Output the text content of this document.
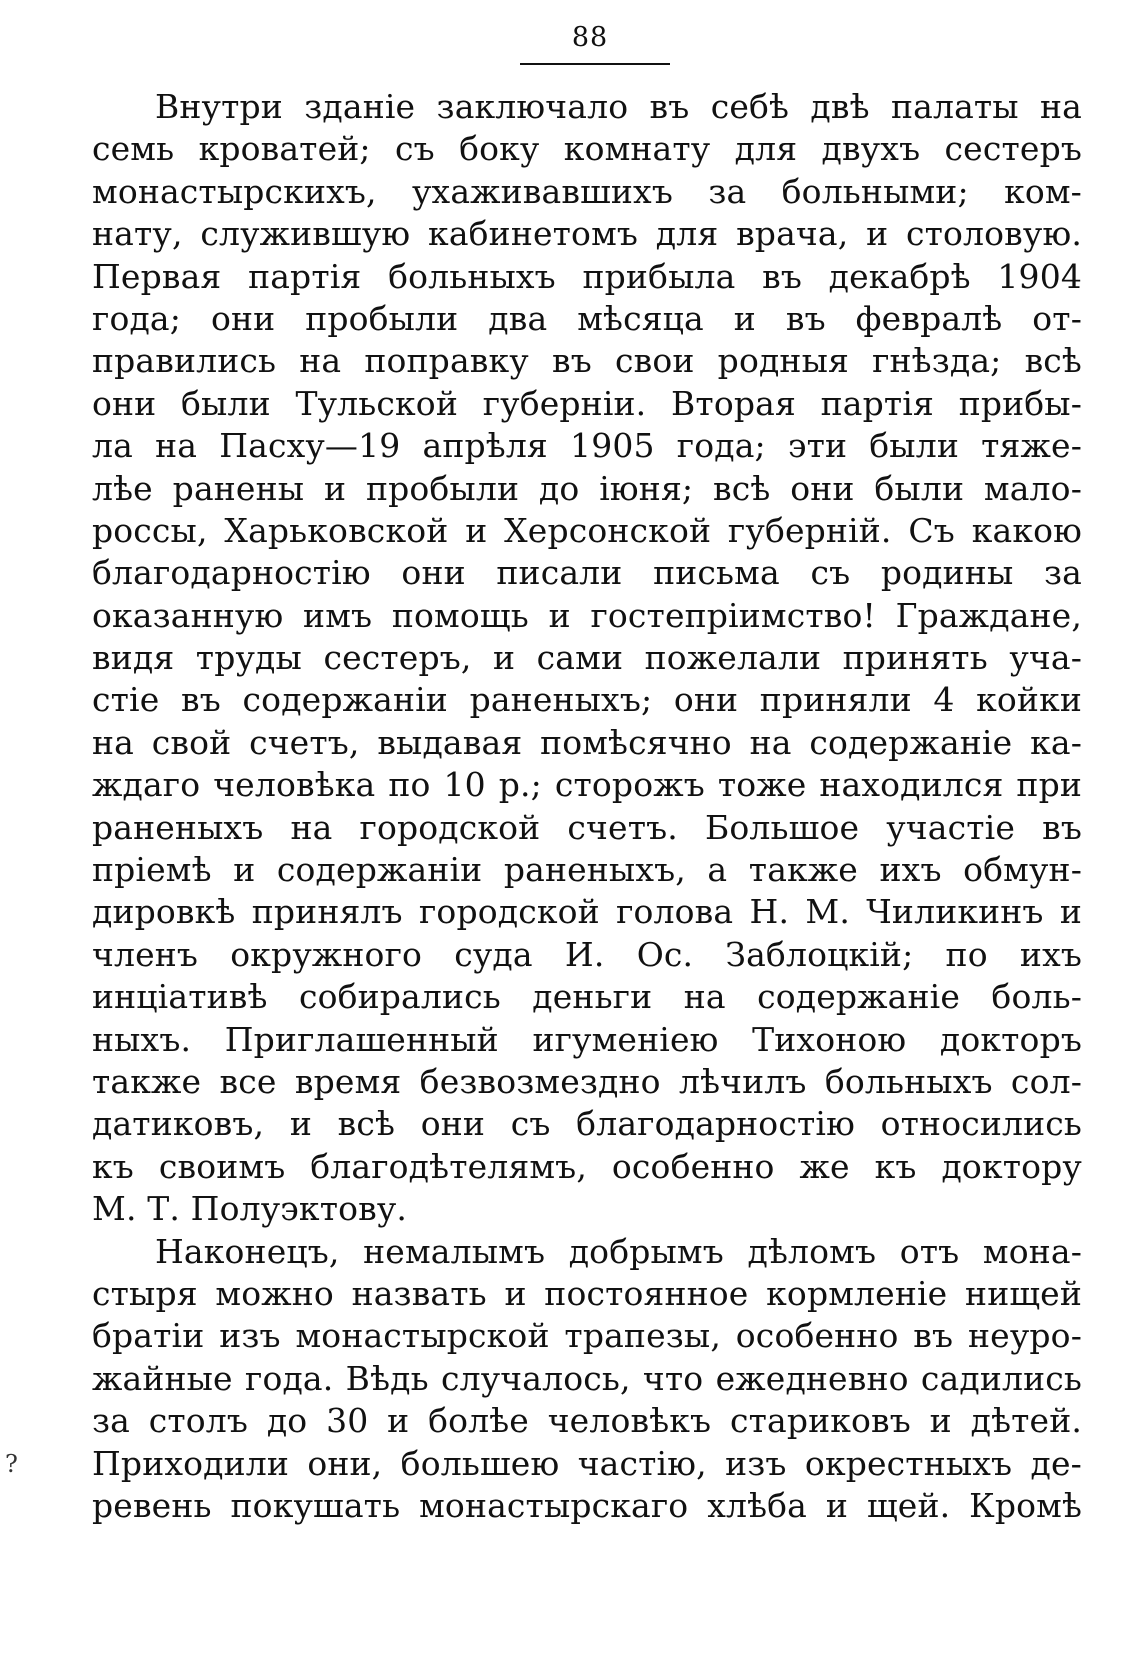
88
?
Внутри зданіе заключало въ себѣ двѣ палаты на
семь кроватей; съ боку комнату для двухъ сестеръ
монастырскихъ, ухаживавшихъ за больными; ком-
нату, служившую кабинетомъ для врача, и столовую.
Первая партія больныхъ прибыла въ декабрѣ 1904
года; они пробыли два мѣсяца и въ февралѣ от-
правились на поправку въ свои родныя гнѣзда; всѣ
они были Тульской губерніи. Вторая партія прибы-
ла на Пасху—19 апрѣля 1905 года; эти были тяже-
лѣе ранены и пробыли до іюня; всѣ они были мало-
россы, Харьковской и Херсонской губерній. Съ какою
благодарностію они писали письма съ родины за
оказанную имъ помощь и гостепріимство! Граждане,
видя труды сестеръ, и сами пожелали принять уча-
стіе въ содержаніи раненыхъ; они приняли 4 койки
на свой счетъ, выдавая помѣсячно на содержаніе ка-
ждаго человѣка по 10 р.; сторожъ тоже находился при
раненыхъ на городской счетъ. Большое участіе въ
пріемѣ и содержаніи раненыхъ, а также ихъ обмун-
дировкѣ принялъ городской голова Н. М. Чиликинъ и
членъ окружного суда И. Ос. Заблоцкій; по ихъ
инціативѣ собирались деньги на содержаніе боль-
ныхъ. Приглашенный игуменіею Тихоною докторъ
также все время безвозмездно лѣчилъ больныхъ сол-
датиковъ, и всѣ они съ благодарностію относились
къ своимъ благодѣтелямъ, особенно же къ доктору
М. Т. Полуэктову.
Наконецъ, немалымъ добрымъ дѣломъ отъ мона-
стыря можно назвать и постоянное кормленіе нищей
братіи изъ монастырской трапезы, особенно въ неуро-
жайные года. Вѣдь случалось, что ежедневно садились
за столъ до 30 и болѣе человѣкъ стариковъ и дѣтей.
Приходили они, большею частію, изъ окрестныхъ де-
ревень покушать монастырскаго хлѣба и щей. Кромѣ
